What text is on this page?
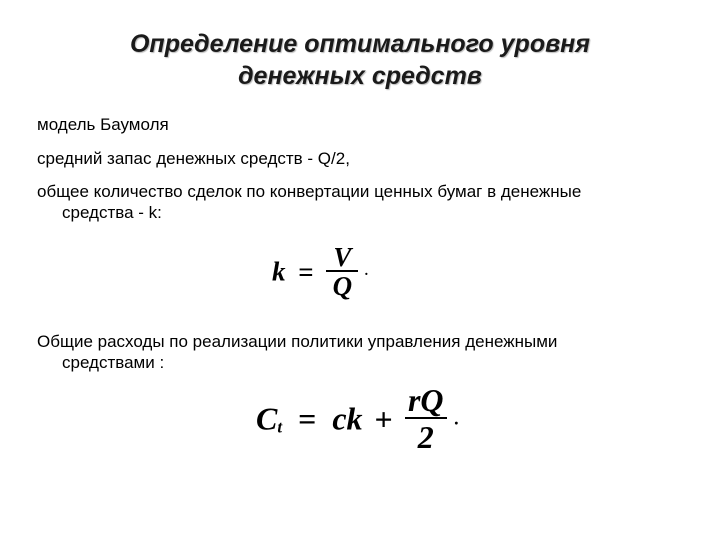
Определение оптимального уровня
денежных средств
модель Баумоля
средний запас денежных средств - Q/2,
общее количество сделок по конвертации ценных бумаг в денежные
средства - k:
$k = \frac{V}{Q}$ .
Общие расходы по реализации политики управления денежными
средствами :
Ct = ck + $\frac{rQ}{2}$ .
